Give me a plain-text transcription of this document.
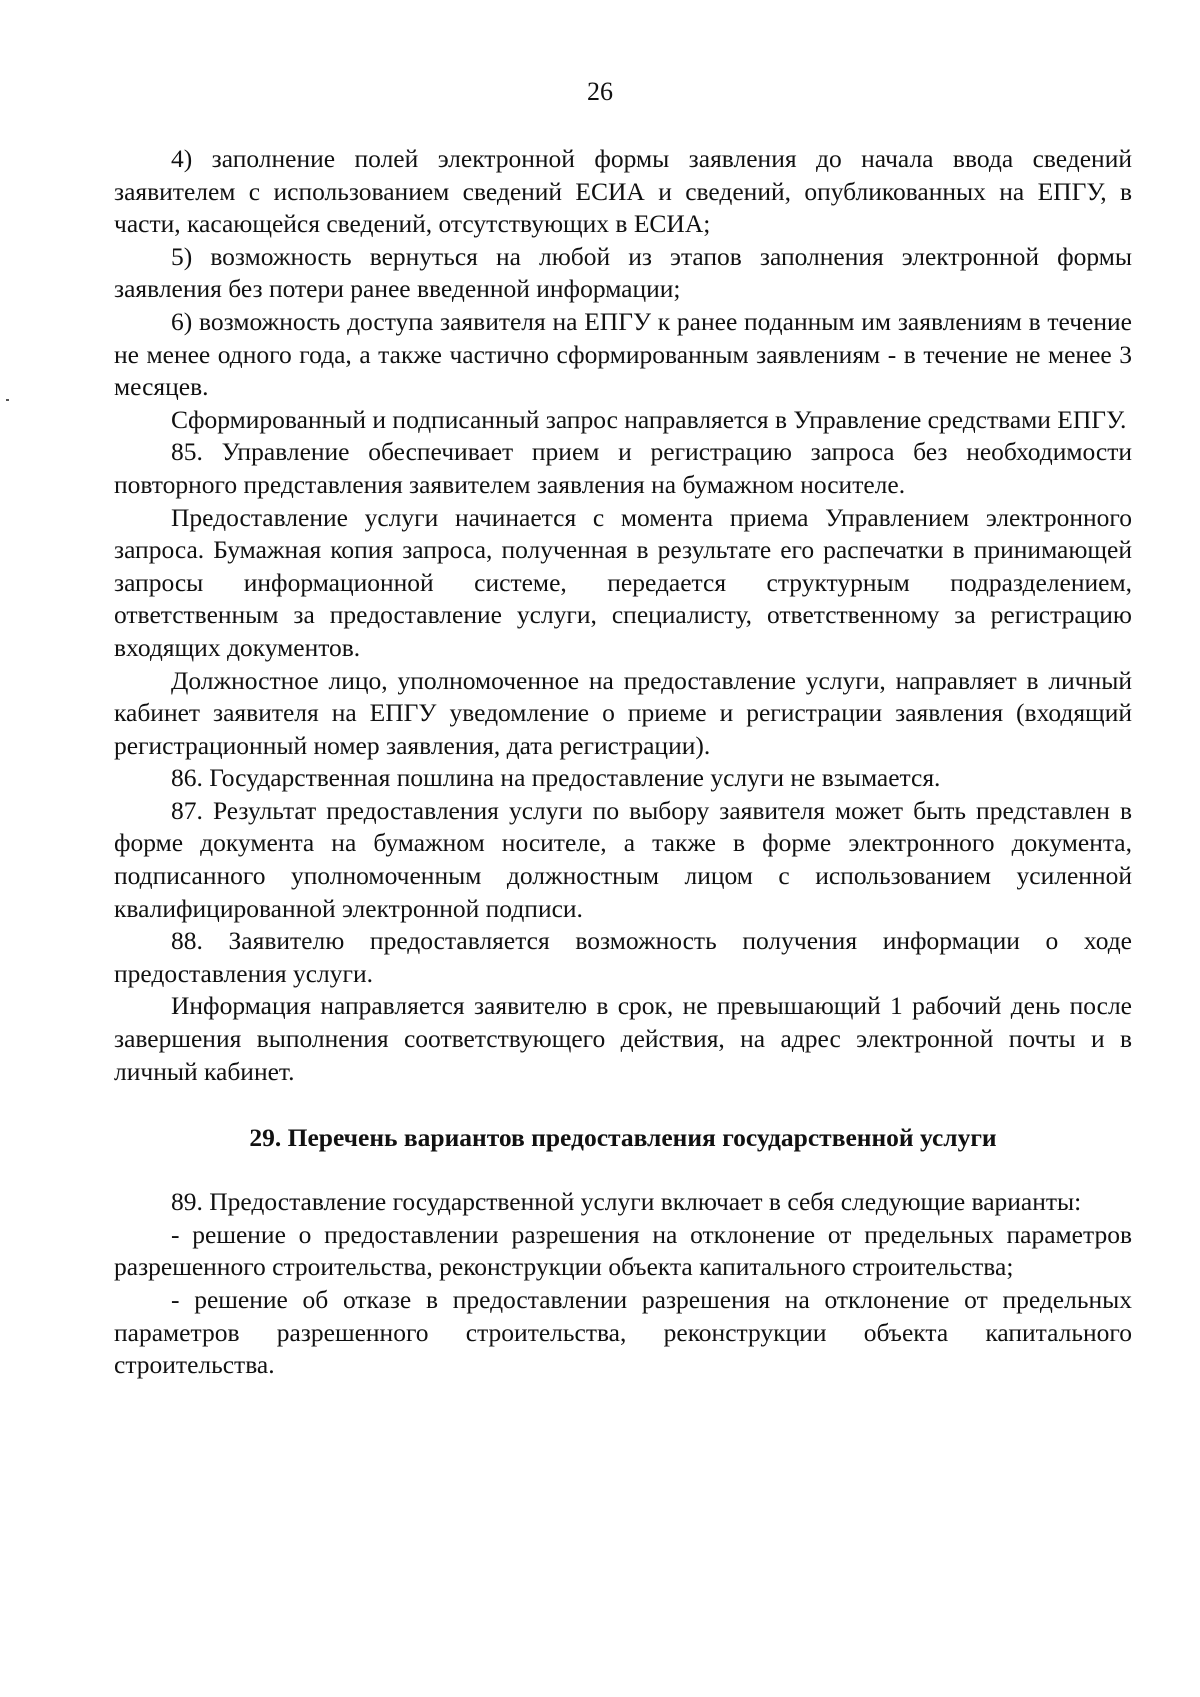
26

4) заполнение полей электронной формы заявления до начала ввода сведений заявителем с использованием сведений ЕСИА и сведений, опубликованных на ЕПГУ, в части, касающейся сведений, отсутствующих в ЕСИА;

5) возможность вернуться на любой из этапов заполнения электронной формы заявления без потери ранее введенной информации;

6) возможность доступа заявителя на ЕПГУ к ранее поданным им заявлениям в течение не менее одного года, а также частично сформированным заявлениям - в течение не менее 3 месяцев.

Сформированный и подписанный запрос направляется в Управление средствами ЕПГУ.

85. Управление обеспечивает прием и регистрацию запроса без необходимости повторного представления заявителем заявления на бумажном носителе.

Предоставление услуги начинается с момента приема Управлением электронного запроса. Бумажная копия запроса, полученная в результате его распечатки в принимающей запросы информационной системе, передается структурным подразделением, ответственным за предоставление услуги, специалисту, ответственному за регистрацию входящих документов.

Должностное лицо, уполномоченное на предоставление услуги, направляет в личный кабинет заявителя на ЕПГУ уведомление о приеме и регистрации заявления (входящий регистрационный номер заявления, дата регистрации).

86. Государственная пошлина на предоставление услуги не взымается.

87. Результат предоставления услуги по выбору заявителя может быть представлен в форме документа на бумажном носителе, а также в форме электронного документа, подписанного уполномоченным должностным лицом с использованием усиленной квалифицированной электронной подписи.

88. Заявителю предоставляется возможность получения информации о ходе предоставления услуги.

Информация направляется заявителю в срок, не превышающий 1 рабочий день после завершения выполнения соответствующего действия, на адрес электронной почты и в личный кабинет.

29. Перечень вариантов предоставления государственной услуги

89. Предоставление государственной услуги включает в себя следующие варианты:

- решение о предоставлении разрешения на отклонение от предельных параметров разрешенного строительства, реконструкции объекта капитального строительства;

- решение об отказе в предоставлении разрешения на отклонение от предельных параметров разрешенного строительства, реконструкции объекта капитального строительства.
